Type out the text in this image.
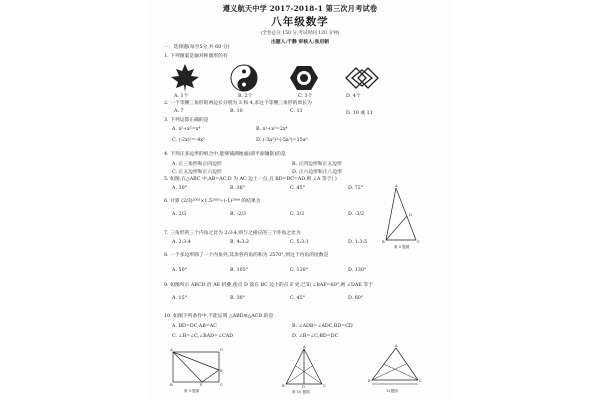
遵义航天中学 2017-2018-1 第三次月考试卷
八年级数学
(全卷总分 150 分,考试时间 120 分钟)
出题人:于静 审核人:张启朝
一、选择题(每空5分,共 60 分)
1. 下列图案是轴对称图形的有
A. 1个	B. 2个	C. 3个	D. 4个
2. 一个等腰三角形的两边长分别为 3 和 4,求这个等腰三角形的周长为
A. 7	B. 10	C. 11	D. 10 或 11
3. 下列运算正确的是
A. x²+x²=x⁴	B. x²+x²=2x⁴
C. (-2x)²=-4x²	D. (-3a²)³·(-5a³)=15a⁹
4. 下列正多边形的组合中,能够铺满地面(即平面镶嵌)的是
A. 正三角形和正四边形	B. 正四边形和正五边形
C. 正五边形和正六边形	D. 正六边形和正八边形
5. 如图,在△ABC 中,AB=AC,D 为 AC 边上一点,且 BD=BC=AD,则 ∠A 等于( )
A. 30°	B. 36°	C. 45°	D. 72°	A
B	C
D
第 5 题图
6. 计算 (2/3)²⁰⁰²×1.5²⁰⁰³÷(-1)²⁰⁰⁴ 的结果为
A. 2/3	B. -2/3	C. 3/2	D. -3/2
7. 三角形的三个内角之比为 2:3:4,则与之相应的三个外角之比为
A. 2:3:4	B. 4:3:2	C. 5:3:1	D. 1:3:5
8. 一个多边形除了一个内角外,其余各内角的和为 2570°,则这个内角的度数是
A. 50°	B. 105°	C. 120°	D. 130°
9. 如图所示 ABCD 沿 AE 折叠,使点 D 落在 BC 边上的点 F 处,已知 ∠BAF=60°,则 ∠DAE 等于
A. 15°	B. 30°	C. 45°	D. 60°
10. 如图下列条件中,不能证明 △ABD≌△ACD 的是
A. BD=DC,AB=AC	B. ∠ADB=∠ADC,BD=CD
C. ∠B=∠C,∠BAD=∠CAD	D. ∠B=∠C,BD=DC
A	D
E
B	F	C
第 9 题图
A
B	D	C
第 10 题图
A
B	C
12题图
